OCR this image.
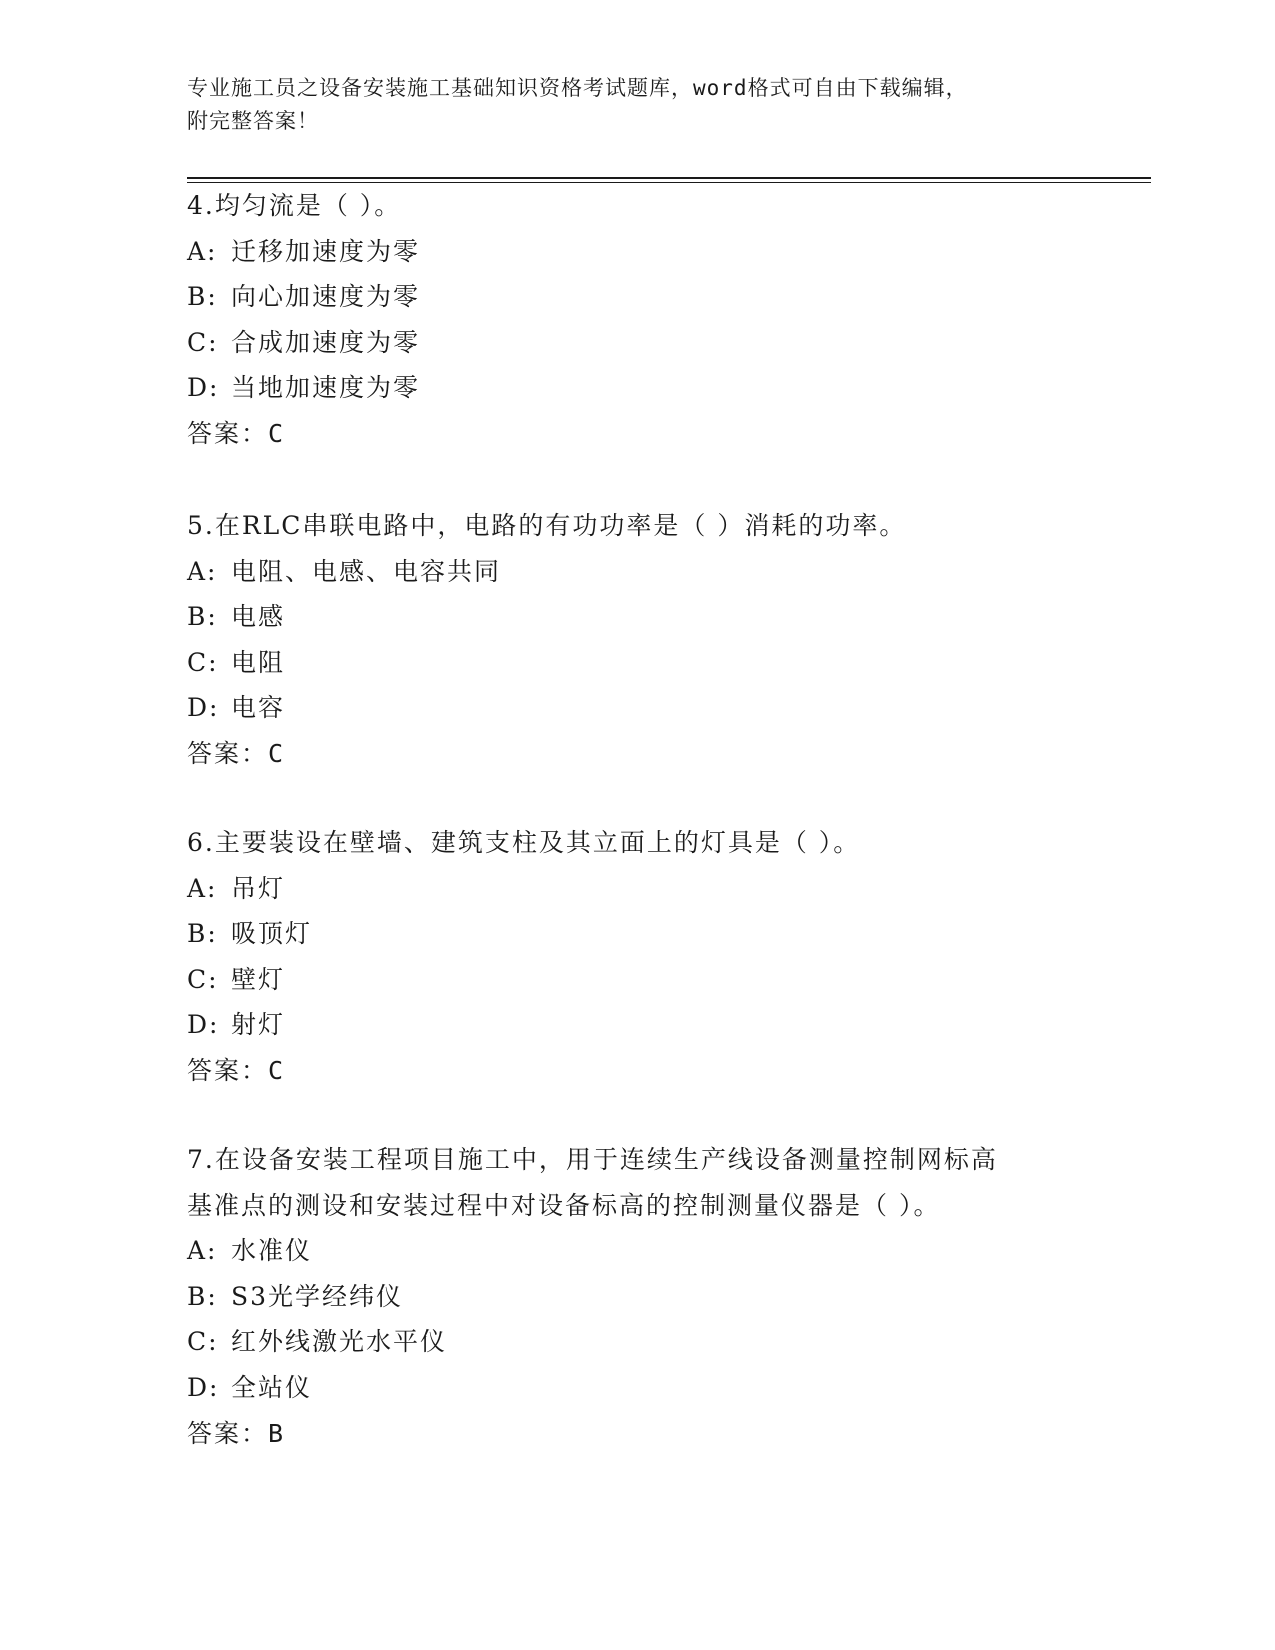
专业施工员之设备安装施工基础知识资格考试题库，word格式可自由下载编辑，
附完整答案！
4.均匀流是（ ）。
A: 迁移加速度为零
B: 向心加速度为零
C: 合成加速度为零
D: 当地加速度为零
答案：C
5.在RLC串联电路中，电路的有功功率是（ ）消耗的功率。
A: 电阻、电感、电容共同
B: 电感
C: 电阻
D: 电容
答案：C
6.主要装设在壁墙、建筑支柱及其立面上的灯具是（ ）。
A: 吊灯
B: 吸顶灯
C: 壁灯
D: 射灯
答案：C
7.在设备安装工程项目施工中，用于连续生产线设备测量控制网标高
基准点的测设和安装过程中对设备标高的控制测量仪器是（ ）。
A: 水准仪
B: S3光学经纬仪
C: 红外线激光水平仪
D: 全站仪
答案：B
